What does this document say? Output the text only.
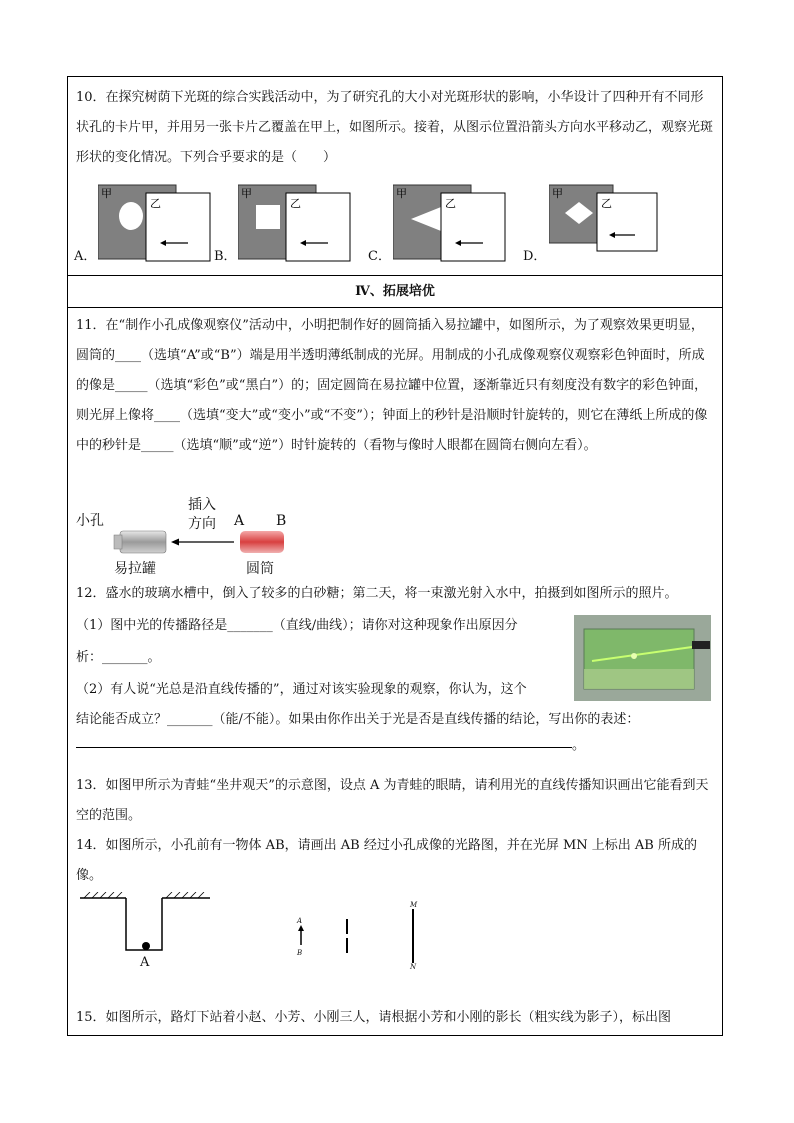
10．在探究树荫下光斑的综合实践活动中，为了研究孔的大小对光斑形状的影响，小华设计了四种开有不同形状孔的卡片甲，并用另一张卡片乙覆盖在甲上，如图所示。接着，从图示位置沿箭头方向水平移动乙，观察光斑形状的变化情况。下列合乎要求的是（　　）
甲
乙
A．
甲
乙
B．
甲
乙
C．
甲
乙
D．
Ⅳ、拓展培优
11．在“制作小孔成像观察仪”活动中，小明把制作好的圆筒插入易拉罐中，如图所示，为了观察效果更明显，圆筒的____（选填“A”或“B”）端是用半透明薄纸制成的光屏。用制成的小孔成像观察仪观察彩色钟面时，所成的像是_____（选填“彩色”或“黑白”）的；固定圆筒在易拉罐中位置，逐渐靠近只有刻度没有数字的彩色钟面，则光屏上像将____（选填“变大”或“变小”或“不变”）；钟面上的秒针是沿顺时针旋转的，则它在薄纸上所成的像中的秒针是_____（选填“顺”或“逆”）时针旋转的（看物与像时人眼都在圆筒右侧向左看）。
小孔
插入
方向 A B
易拉罐	圆筒
12．盛水的玻璃水槽中，倒入了较多的白砂糖；第二天，将一束激光射入水中，拍摄到如图所示的照片。
（1）图中光的传播路径是_______（直线/曲线）；请你对这种现象作出原因分
析：_______。
（2）有人说“光总是沿直线传播的”，通过对该实验现象的观察，你认为，这个
结论能否成立？_______（能/不能）。如果由你作出关于光是否是直线传播的结论，写出你的表述：
。
13．如图甲所示为青蛙“坐井观天”的示意图，设点 A 为青蛙的眼睛，请利用光的直线传播知识画出它能看到天空的范围。
14．如图所示，小孔前有一物体 AB，请画出 AB 经过小孔成像的光路图，并在光屏 MN 上标出 AB 所成的像。
A
A
B
M
N
15．如图所示，路灯下站着小赵、小芳、小刚三人，请根据小芳和小刚的影长（粗实线为影子），标出图
